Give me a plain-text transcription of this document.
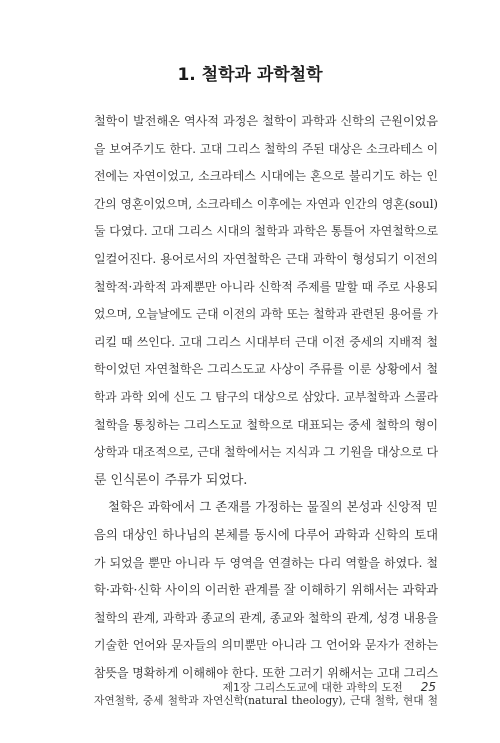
1. 철학과 과학철학
철학이 발전해온 역사적 과정은 철학이 과학과 신학의 근원이었음
을 보여주기도 한다. 고대 그리스 철학의 주된 대상은 소크라테스 이
전에는 자연이었고, 소크라테스 시대에는 혼으로 불리기도 하는 인
간의 영혼이었으며, 소크라테스 이후에는 자연과 인간의 영혼(soul)
둘 다였다. 고대 그리스 시대의 철학과 과학은 통틀어 자연철학으로
일컬어진다. 용어로서의 자연철학은 근대 과학이 형성되기 이전의
철학적·과학적 과제뿐만 아니라 신학적 주제를 말할 때 주로 사용되
었으며, 오늘날에도 근대 이전의 과학 또는 철학과 관련된 용어를 가
리킬 때 쓰인다. 고대 그리스 시대부터 근대 이전 중세의 지배적 철
학이었던 자연철학은 그리스도교 사상이 주류를 이룬 상황에서 철
학과 과학 외에 신도 그 탐구의 대상으로 삼았다. 교부철학과 스콜라
철학을 통칭하는 그리스도교 철학으로 대표되는 중세 철학의 형이
상학과 대조적으로, 근대 철학에서는 지식과 그 기원을 대상으로 다
룬 인식론이 주류가 되었다.
철학은 과학에서 그 존재를 가정하는 물질의 본성과 신앙적 믿
음의 대상인 하나님의 본체를 동시에 다루어 과학과 신학의 토대
가 되었을 뿐만 아니라 두 영역을 연결하는 다리 역할을 하였다. 철
학·과학·신학 사이의 이러한 관계를 잘 이해하기 위해서는 과학과
철학의 관계, 과학과 종교의 관계, 종교와 철학의 관계, 성경 내용을
기술한 언어와 문자들의 의미뿐만 아니라 그 언어와 문자가 전하는
참뜻을 명확하게 이해해야 한다. 또한 그러기 위해서는 고대 그리스
자연철학, 중세 철학과 자연신학(natural theology), 근대 철학, 현대 철
제1장 그리스도교에 대한 과학의 도전 25
